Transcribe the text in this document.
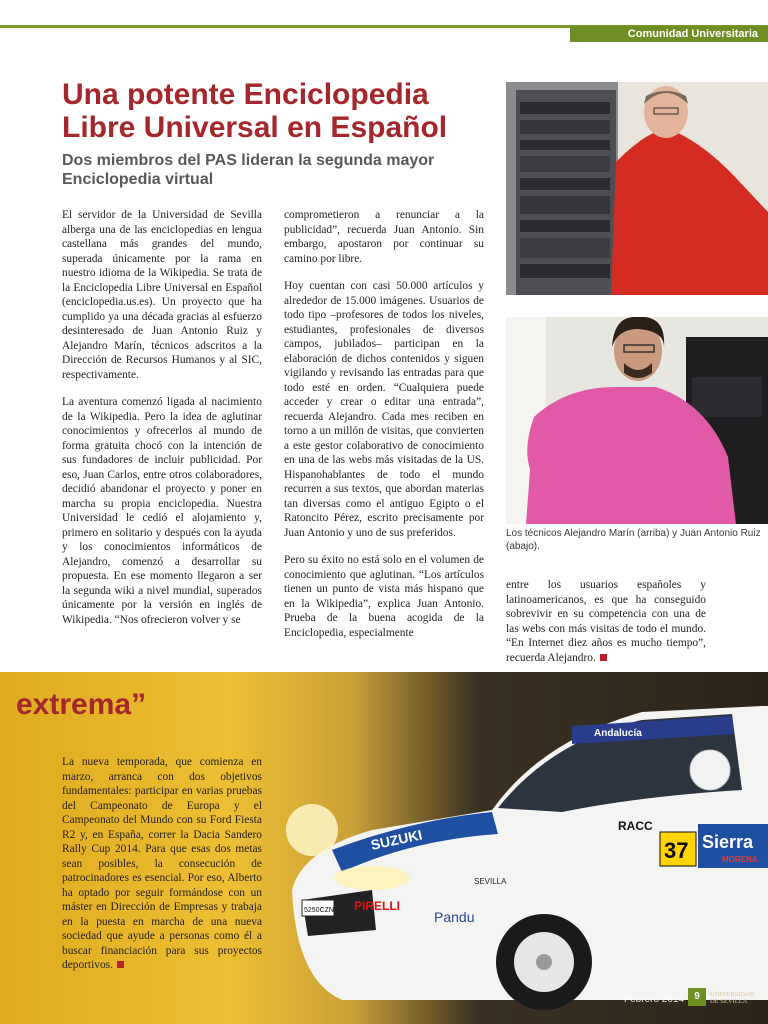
Comunidad Universitaria
Una potente Enciclopedia Libre Universal en Español
Dos miembros del PAS lideran la segunda mayor Enciclopedia virtual

El servidor de la Universidad de Sevilla alberga una de las enciclopedias en lengua castellana más grandes del mundo, superada únicamente por la rama en nuestro idioma de la Wikipedia. Se trata de la Enciclopedia Libre Universal en Español (enciclopedia.us.es). Un proyecto que ha cumplido ya una década gracias al esfuerzo desinteresado de Juan Antonio Ruiz y Alejandro Marín, técnicos adscritos a la Dirección de Recursos Humanos y al SIC, respectivamente.

La aventura comenzó ligada al nacimiento de la Wikipedia. Pero la idea de aglutinar conocimientos y ofrecerlos al mundo de forma gratuita chocó con la intención de sus fundadores de incluir publicidad. Por eso, Juan Carlos, entre otros colaboradores, decidió abandonar el proyecto y poner en marcha su propia enciclopedia. Nuestra Universidad le cedió el alojamiento y, primero en solitario y después con la ayuda y los conocimientos informáticos de Alejandro, comenzó a desarrollar su propuesta. En ese momento llegaron a ser la segunda wiki a nivel mundial, superados únicamente por la versión en inglés de Wikipedia. “Nos ofrecieron volver y se

comprometieron a renunciar a la publicidad”, recuerda Juan Antonio. Sin embargo, apostaron por continuar su camino por libre.

Hoy cuentan con casi 50.000 artículos y alrededor de 15.000 imágenes. Usuarios de todo tipo –profesores de todos los niveles, estudiantes, profesionales de diversos campos, jubilados– participan en la elaboración de dichos contenidos y siguen vigilando y revisando las entradas para que todo esté en orden. “Cualquiera puede acceder y crear o editar una entrada”, recuerda Alejandro. Cada mes reciben en torno a un millón de visitas, que convierten a este gestor colaborativo de conocimiento en una de las webs más visitadas de la US. Hispanohablantes de todo el mundo recurren a sus textos, que abordan materias tan diversas como el antiguo Egipto o el Ratoncito Pérez, escrito precisamente por Juan Antonio y uno de sus preferidos.

Pero su éxito no está solo en el volumen de conocimiento que aglutinan. “Los artículos tienen un punto de vista más hispano que en la Wikipedia”, explica Juan Antonio. Prueba de la buena acogida de la Enciclopedia, especialmente

Los técnicos Alejandro Marín (arriba) y Juan Antonio Ruiz (abajo).

extrema”

entre los usuarios españoles y latinoamericanos, es que ha conseguido sobrevivir en su competencia con una de las webs con más visitas de todo el mundo. “En Internet diez años es mucho tiempo”, recuerda Alejandro.

La nueva temporada, que comienza en marzo, arranca con dos objetivos fundamentales: participar en varias pruebas del Campeonato de Europa y el Campeonato del Mundo con su Ford Fiesta R2 y, en España, correr la Dacia Sandero Rally Cup 2014. Para que esas dos metas sean posibles, la consecución de patrocinadores es esencial. Por eso, Alberto ha optado por seguir formándose con un máster en Dirección de Empresas y trabaja en la puesta en marcha de una nueva sociedad que ayude a personas como él a buscar financiación para sus proyectos deportivos.

Andalucía
SUZUKI	Sierra
MORENA
37
RACC
5250CZN PIRELLI
Pandu
SEVILLA
Febrero 2014	9	UNIVERSIDAD
DE SEVILLA
